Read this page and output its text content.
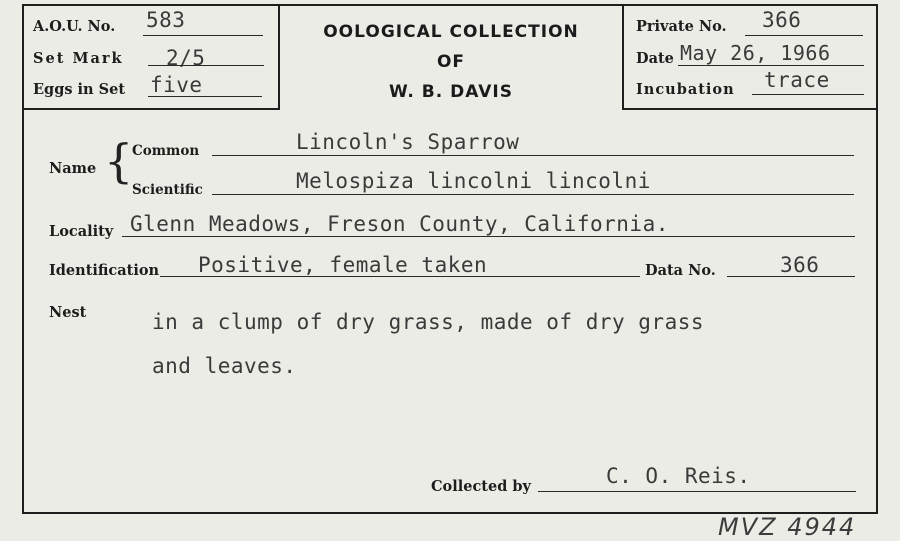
A.O.U. No. 583
Set Mark 2/5
Eggs in Set five
OOLOGICAL COLLECTION
OF
W. B. DAVIS
Private No. 366
Date May 26, 1966
Incubation trace
Name {
Common	Lincoln's Sparrow
Scientific	Melospiza lincolni lincolni
Locality Glenn Meadows, Freson County, California.
Identification Positive, female taken	Data No.	366
Nest	in a clump of dry grass, made of dry grass
and leaves.
Collected by	C. O. Reis.
MVZ 4944
